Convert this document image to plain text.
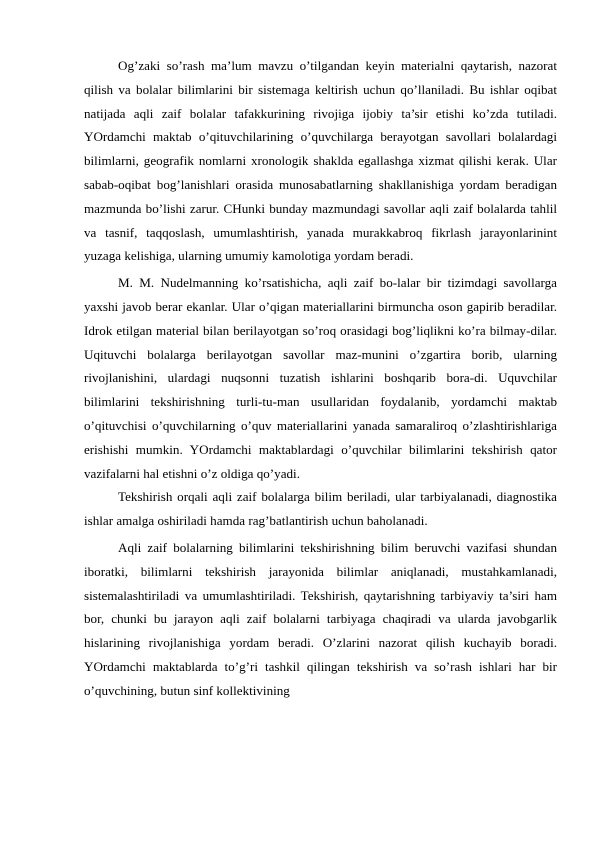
Og’zaki so’rash ma’lum mavzu o’tilgandan keyin materialni qaytarish, nazorat qilish va bolalar bilimlarini bir sistemaga keltirish uchun qo’llaniladi. Bu ishlar oqibat natijada aqli zaif bolalar tafakkurining rivojiga ijobiy ta’sir etishi ko’zda tutiladi. YOrdamchi maktab o’qituvchilarining o’quvchilarga berayotgan savollari bolalardagi bilimlarni, geografik nomlarni xronologik shaklda egallashga xizmat qilishi kerak. Ular sabab-oqibat bog’lanishlari orasida munosabatlarning shakllanishiga yordam beradigan mazmunda bo’lishi zarur. CHunki bunday mazmundagi savollar aqli zaif bolalarda tahlil va tasnif, taqqoslash, umumlashtirish, yanada murakkabroq fikrlash jarayonlarinint yuzaga kelishiga, ularning umumiy kamolotiga yordam beradi.

M. M. Nudelmanning ko’rsatishicha, aqli zaif bo-lalar bir tizimdagi savollarga yaxshi javob berar ekanlar. Ular o’qigan materiallarini birmuncha oson gapirib beradilar. Idrok etilgan material bilan berilayotgan so’roq orasidagi bog’liqlikni ko’ra bilmay-dilar. Uqituvchi bolalarga berilayotgan savollar maz-munini o’zgartira borib, ularning rivojlanishini, ulardagi nuqsonni tuzatish ishlarini boshqarib bora-di. Uquvchilar bilimlarini tekshirishning turli-tu-man usullaridan foydalanib, yordamchi maktab o’qituvchisi o’quvchilarning o’quv materiallarini yanada samaraliroq o’zlashtirishlariga erishishi mumkin. YOrdamchi maktablardagi o’quvchilar bilimlarini tekshirish qator vazifalarni hal etishni o’z oldiga qo’yadi.

Tekshirish orqali aqli zaif bolalarga bilim beriladi, ular tarbiyalanadi, diagnostika ishlar amalga oshiriladi hamda rag’batlantirish uchun baholanadi.

Aqli zaif bolalarning bilimlarini tekshirishning bilim beruvchi vazifasi shundan iboratki, bilimlarni tekshirish jarayonida bilimlar aniqlanadi, mustahkamlanadi, sistemalashtiriladi va umumlashtiriladi. Tekshirish, qaytarishning tarbiyaviy ta’siri ham bor, chunki bu jarayon aqli zaif bolalarni tarbiyaga chaqiradi va ularda javobgarlik hislarining rivojlanishiga yordam beradi. O’zlarini nazorat qilish kuchayib boradi. YOrdamchi maktablarda to’g’ri tashkil qilingan tekshirish va so’rash ishlari har bir o’quvchining, butun sinf kollektivining
